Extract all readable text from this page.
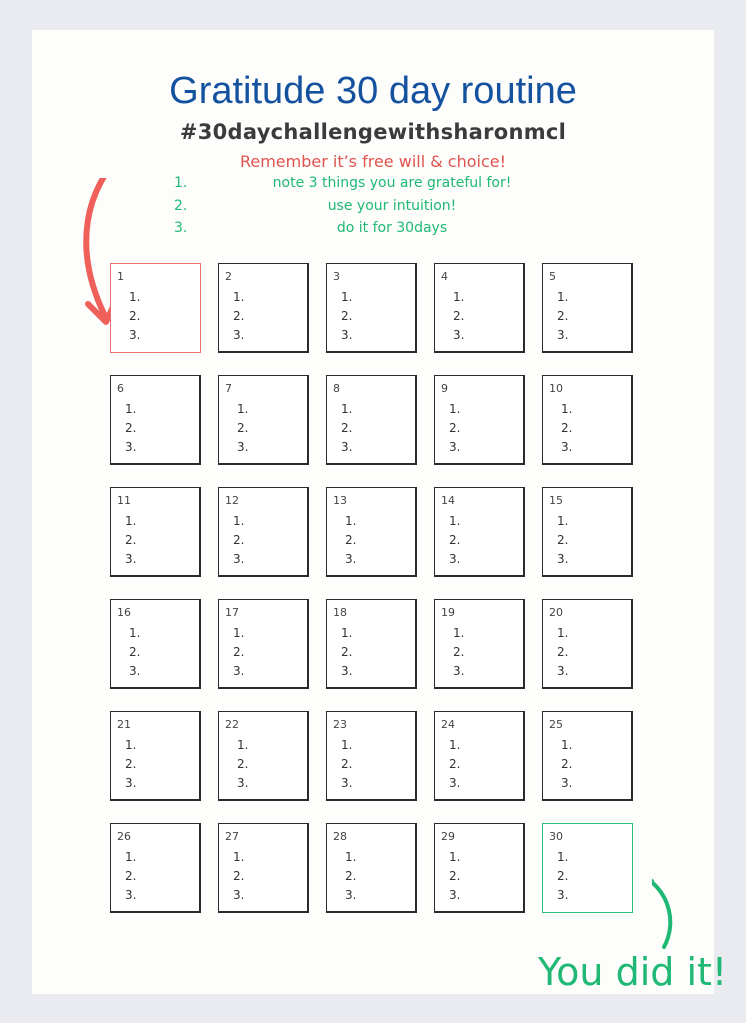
Gratitude 30 day routine
#30daychallengewithsharonmcl
Remember it’s free will & choice!
1.	note 3 things you are grateful for!
2.	use your intuition!
3.	do it for 30days
1
1.
2.
3.
2
1.
2.
3.
3
1.
2.
3.
4
1.
2.
3.
5
1.
2.
3.
6
1.
2.
3.
7
1.
2.
3.
8
1.
2.
3.
9
1.
2.
3.
10
1.
2.
3.
11
1.
2.
3.
12
1.
2.
3.
13
1.
2.
3.
14
1.
2.
3.
15
1.
2.
3.
16
1.
2.
3.
17
1.
2.
3.
18
1.
2.
3.
19
1.
2.
3.
20
1.
2.
3.
21
1.
2.
3.
22
1.
2.
3.
23
1.
2.
3.
24
1.
2.
3.
25
1.
2.
3.
26
1.
2.
3.
27
1.
2.
3.
28
1.
2.
3.
29
1.
2.
3.
30
1.
2.
3.
You did it!
